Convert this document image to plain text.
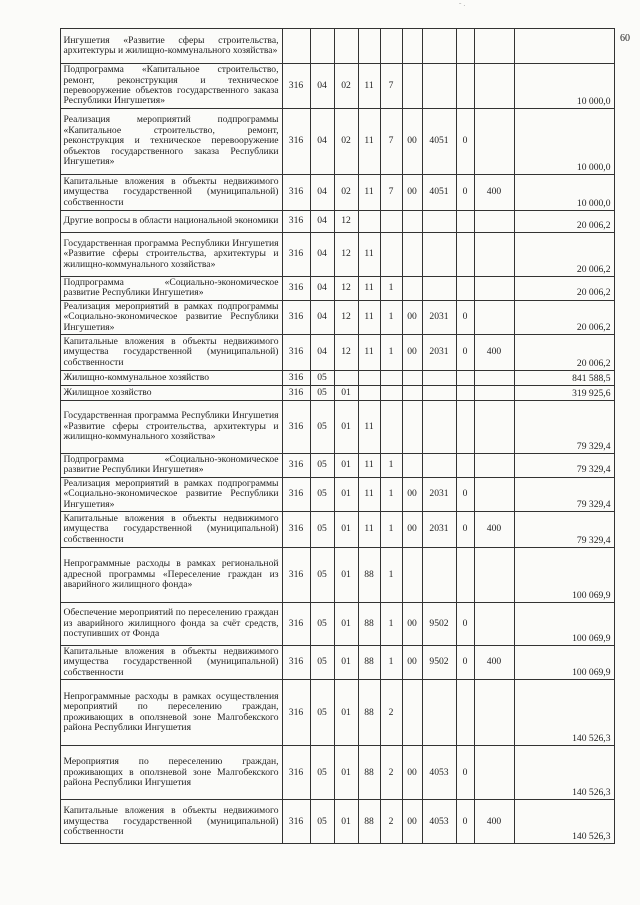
ˇ ·
60
	Ингушетия «Развитие сферы строительства, архитектуры и жилищно-коммунального хозяйства»										
	Подпрограмма «Капитальное строительство, ремонт, реконструкция и техническое перевооружение объектов государственного заказа Республики Ингушетия»	316	04	02	11	7					10 000,0
	Реализация мероприятий подпрограммы «Капитальное строительство, ремонт, реконструкция и техническое перевооружение объектов государственного заказа Республики Ингушетия»	316	04	02	11	7	00	4051	0		10 000,0
	Капитальные вложения в объекты недвижимого имущества государственной (муниципальной) собственности	316	04	02	11	7	00	4051	0	400	10 000,0
	Другие вопросы в области национальной экономики	316	04	12							20 006,2
	Государственная программа Республики Ингушетия «Развитие сферы строительства, архитектуры и жилищно-коммунального хозяйства»	316	04	12	11						20 006,2
	Подпрограмма «Социально-экономическое развитие Республики Ингушетия»	316	04	12	11	1					20 006,2
	Реализация мероприятий в рамках подпрограммы «Социально-экономическое развитие Республики Ингушетия»	316	04	12	11	1	00	2031	0		20 006,2
	Капитальные вложения в объекты недвижимого имущества государственной (муниципальной) собственности	316	04	12	11	1	00	2031	0	400	20 006,2
	Жилищно-коммунальное хозяйство	316	05								841 588,5
	Жилищное хозяйство	316	05	01							319 925,6
	Государственная программа Республики Ингушетия «Развитие сферы строительства, архитектуры и жилищно-коммунального хозяйства»	316	05	01	11						79 329,4
	Подпрограмма «Социально-экономическое развитие Республики Ингушетия»	316	05	01	11	1					79 329,4
	Реализация мероприятий в рамках подпрограммы «Социально-экономическое развитие Республики Ингушетия»	316	05	01	11	1	00	2031	0		79 329,4
	Капитальные вложения в объекты недвижимого имущества государственной (муниципальной) собственности	316	05	01	11	1	00	2031	0	400	79 329,4
	Непрограммные расходы в рамках региональной адресной программы «Переселение граждан из аварийного жилищного фонда»	316	05	01	88	1					100 069,9
	Обеспечение мероприятий по переселению граждан из аварийного жилищного фонда за счёт средств, поступивших от Фонда	316	05	01	88	1	00	9502	0		100 069,9
	Капитальные вложения в объекты недвижимого имущества государственной (муниципальной) собственности	316	05	01	88	1	00	9502	0	400	100 069,9
	Непрограммные расходы в рамках осуществления мероприятий по переселению граждан, проживающих в оползневой зоне Малгобекского района Республики Ингушетия	316	05	01	88	2					140 526,3
	Мероприятия по переселению граждан, проживающих в оползневой зоне Малгобекского района Республики Ингушетия	316	05	01	88	2	00	4053	0		140 526,3
	Капитальные вложения в объекты недвижимого имущества государственной (муниципальной) собственности	316	05	01	88	2	00	4053	0	400	140 526,3
